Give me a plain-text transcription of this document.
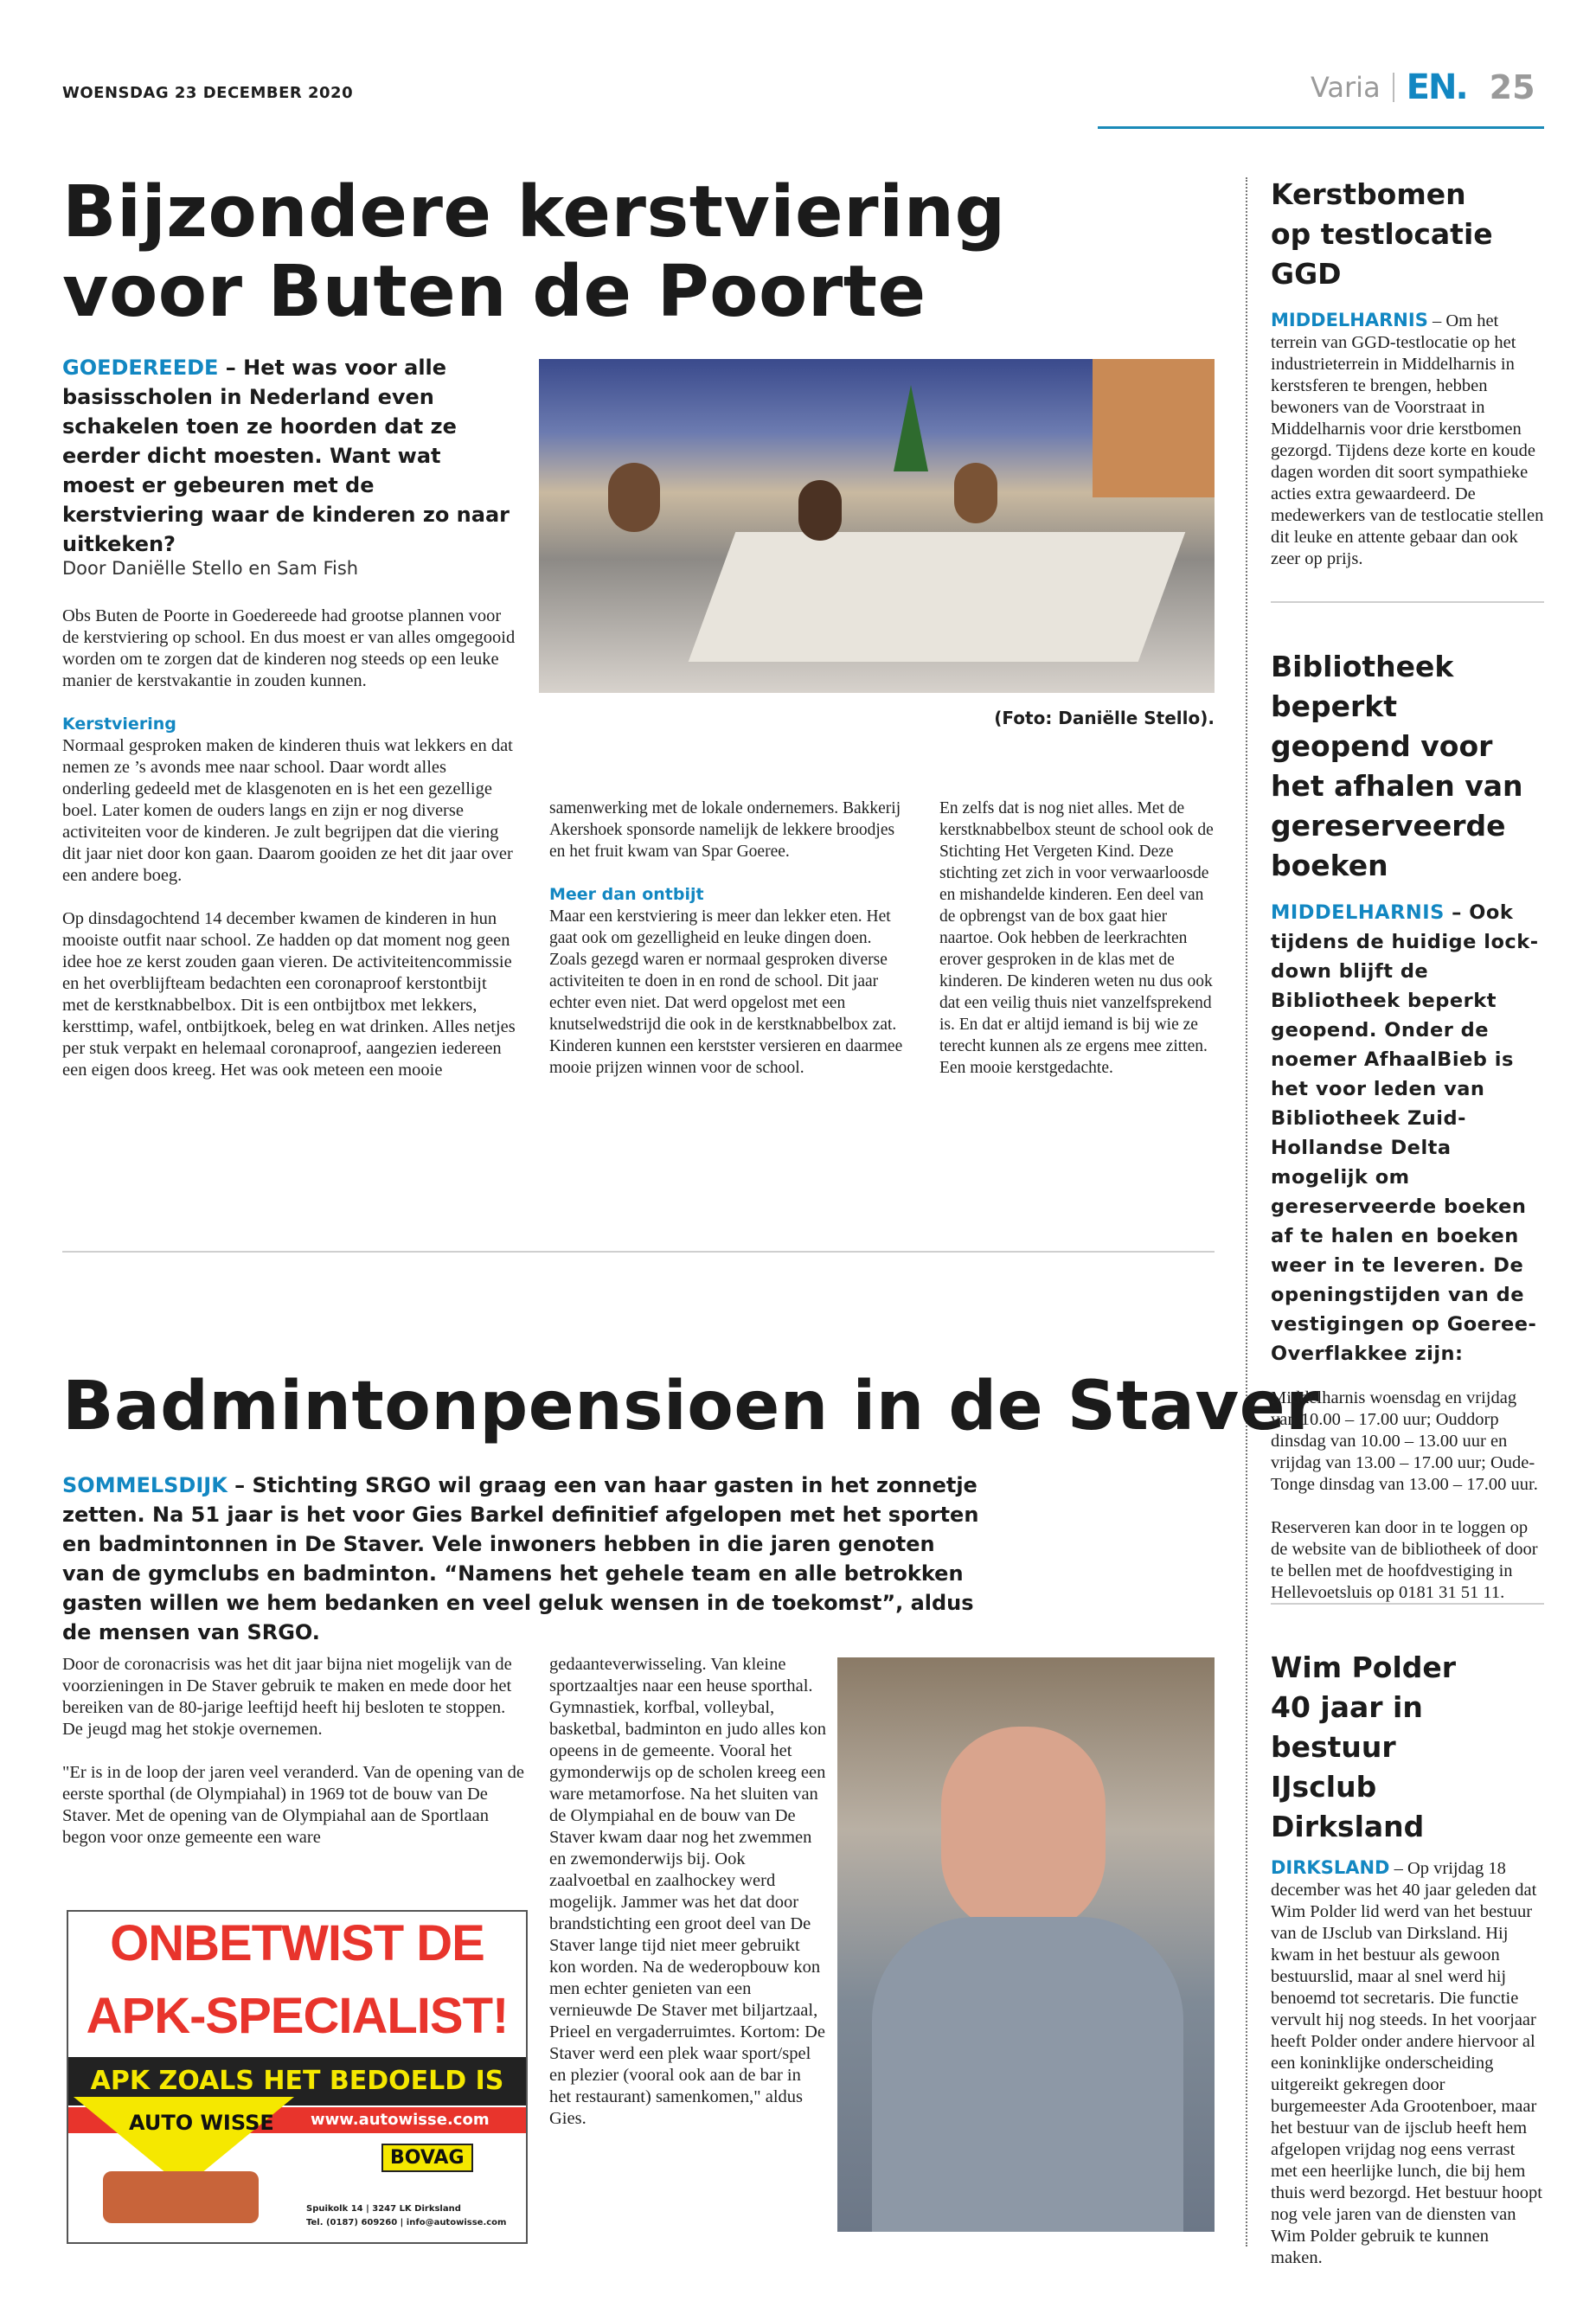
WOENSDAG 23 DECEMBER 2020	Varia EN. 25
Bijzondere kerstviering
voor Buten de Poorte
GOEDEREEDE – Het was voor alle basisscholen in Nederland even schakelen toen ze hoorden dat ze eerder dicht moesten. Want wat moest er gebeuren met de kerstviering waar de kinderen zo naar uitkeken?
Door Daniëlle Stello en Sam Fish
(Foto: Daniëlle Stello).

Obs Buten de Poorte in Goedereede had grootse plannen voor de kerstviering op school. En dus moest er van alles omgegooid worden om te zorgen dat de kinderen nog steeds op een leuke manier de kerstvakantie in zouden kunnen.

Kerstviering

Normaal gesproken maken de kinderen thuis wat lekkers en dat nemen ze ’s avonds mee naar school. Daar wordt alles onderling gedeeld met de klasgenoten en is het een gezellige boel. Later komen de ouders langs en zijn er nog diverse activiteiten voor de kinderen. Je zult begrijpen dat die viering dit jaar niet door kon gaan. Daarom gooiden ze het dit jaar over een andere boeg.

Op dinsdagochtend 14 december kwamen de kinderen in hun mooiste outfit naar school. Ze hadden op dat moment nog geen idee hoe ze kerst zouden gaan vieren. De activiteitencommissie en het overblijfteam bedachten een coronaproof kerstontbijt met de kerstknabbelbox. Dit is een ontbijtbox met lekkers, kersttimp, wafel, ontbijtkoek, beleg en wat drinken. Alles netjes per stuk verpakt en helemaal coronaproof, aangezien iedereen een eigen doos kreeg. Het was ook meteen een mooie

samenwerking met de lokale ondernemers. Bakkerij Akershoek sponsorde namelijk de lekkere broodjes en het fruit kwam van Spar Goeree.

Meer dan ontbijt

Maar een kerstviering is meer dan lekker eten. Het gaat ook om gezelligheid en leuke dingen doen. Zoals gezegd waren er normaal gesproken diverse activiteiten te doen in en rond de school. Dit jaar echter even niet. Dat werd opgelost met een knutselwedstrijd die ook in de kerstknabbelbox zat. Kinderen kunnen een kerstster versieren en daarmee mooie prijzen winnen voor de school.

En zelfs dat is nog niet alles. Met de kerstknabbelbox steunt de school ook de Stichting Het Vergeten Kind. Deze stichting zet zich in voor verwaarloosde en mishandelde kinderen. Een deel van de opbrengst van de box gaat hier naartoe. Ook hebben de leerkrachten erover gesproken in de klas met de kinderen. De kinderen weten nu dus ook dat een veilig thuis niet vanzelfsprekend is. En dat er altijd iemand is bij wie ze terecht kunnen als ze ergens mee zitten. Een mooie kerstgedachte.

Badmintonpensioen in de Staver
SOMMELSDIJK – Stichting SRGO wil graag een van haar gasten in het zonnetje zetten. Na 51 jaar is het voor Gies Barkel definitief afgelopen met het sporten en badmintonnen in De Staver. Vele inwoners hebben in die jaren genoten van de gymclubs en badminton. “Namens het gehele team en alle betrokken gasten willen we hem bedanken en veel geluk wensen in de toekomst”, aldus de mensen van SRGO.

Door de coronacrisis was het dit jaar bijna niet mogelijk van de voorzieningen in De Staver gebruik te maken en mede door het bereiken van de 80-jarige leeftijd heeft hij besloten te stoppen. De jeugd mag het stokje overnemen.

"Er is in de loop der jaren veel veranderd. Van de opening van de eerste sporthal (de Olympiahal) in 1969 tot de bouw van De Staver. Met de opening van de Olympiahal aan de Sportlaan begon voor onze gemeente een ware

gedaanteverwisseling. Van kleine sportzaaltjes naar een heuse sporthal. Gymnastiek, korfbal, volleybal, basketbal, badminton en judo alles kon opeens in de gemeente. Vooral het gymonderwijs op de scholen kreeg een ware metamorfose. Na het sluiten van de Olympiahal en de bouw van De Staver kwam daar nog het zwemmen en zwemonderwijs bij. Ook zaalvoetbal en zaalhockey werd mogelijk. Jammer was het dat door brandstichting een groot deel van De Staver lange tijd niet meer gebruikt kon worden. Na de wederopbouw kon men echter genieten van een vernieuwde De Staver met biljartzaal, Prieel en vergaderruimtes. Kortom: De Staver werd een plek waar sport/spel en plezier (vooral ook aan de bar in het restaurant) samenkomen," aldus Gies.

ONBETWIST DE
APK-SPECIALIST!
APK ZOALS HET BEDOELD IS
AUTO WISSE www.autowisse.com
BOVAG
Spuikolk 14 | 3247 LK Dirksland
Tel. (0187) 609260 | info@autowisse.com
Kerstbomen op testlocatie GGD
MIDDELHARNIS – Om het terrein van GGD-testlocatie op het industrieterrein in Middelharnis in kerstsferen te brengen, hebben bewoners van de Voorstraat in Middelharnis voor drie kerstbomen gezorgd. Tijdens deze korte en koude dagen worden dit soort sympathieke acties extra gewaardeerd. De medewerkers van de testlocatie stellen dit leuke en attente gebaar dan ook zeer op prijs.
Bibliotheek beperkt geopend voor het afhalen van gereserveerde boeken
MIDDELHARNIS – Ook tijdens de huidige lock-down blijft de Bibliotheek beperkt geopend. Onder de noemer AfhaalBieb is het voor leden van Bibliotheek Zuid-Hollandse Delta mogelijk om gereserveerde boeken af te halen en boeken weer in te leveren. De openingstijden van de vestigingen op Goeree-Overflakkee zijn:

Middelharnis woensdag en vrijdag van 10.00 – 17.00 uur; Ouddorp dinsdag van 10.00 – 13.00 uur en vrijdag van 13.00 – 17.00 uur; Oude-Tonge dinsdag van 13.00 – 17.00 uur.

Reserveren kan door in te loggen op de website van de bibliotheek of door te bellen met de hoofdvestiging in Hellevoetsluis op 0181 31 51 11.

Wim Polder 40 jaar in bestuur IJsclub Dirksland
DIRKSLAND – Op vrijdag 18 december was het 40 jaar geleden dat Wim Polder lid werd van het bestuur van de IJsclub van Dirksland. Hij kwam in het bestuur als gewoon bestuurslid, maar al snel werd hij benoemd tot secretaris. Die functie vervult hij nog steeds. In het voorjaar heeft Polder onder andere hiervoor al een koninklijke onderscheiding uitgereikt gekregen door burgemeester Ada Grootenboer, maar het bestuur van de ijsclub heeft hem afgelopen vrijdag nog eens verrast met een heerlijke lunch, die bij hem thuis werd bezorgd. Het bestuur hoopt nog vele jaren van de diensten van Wim Polder gebruik te kunnen maken.
